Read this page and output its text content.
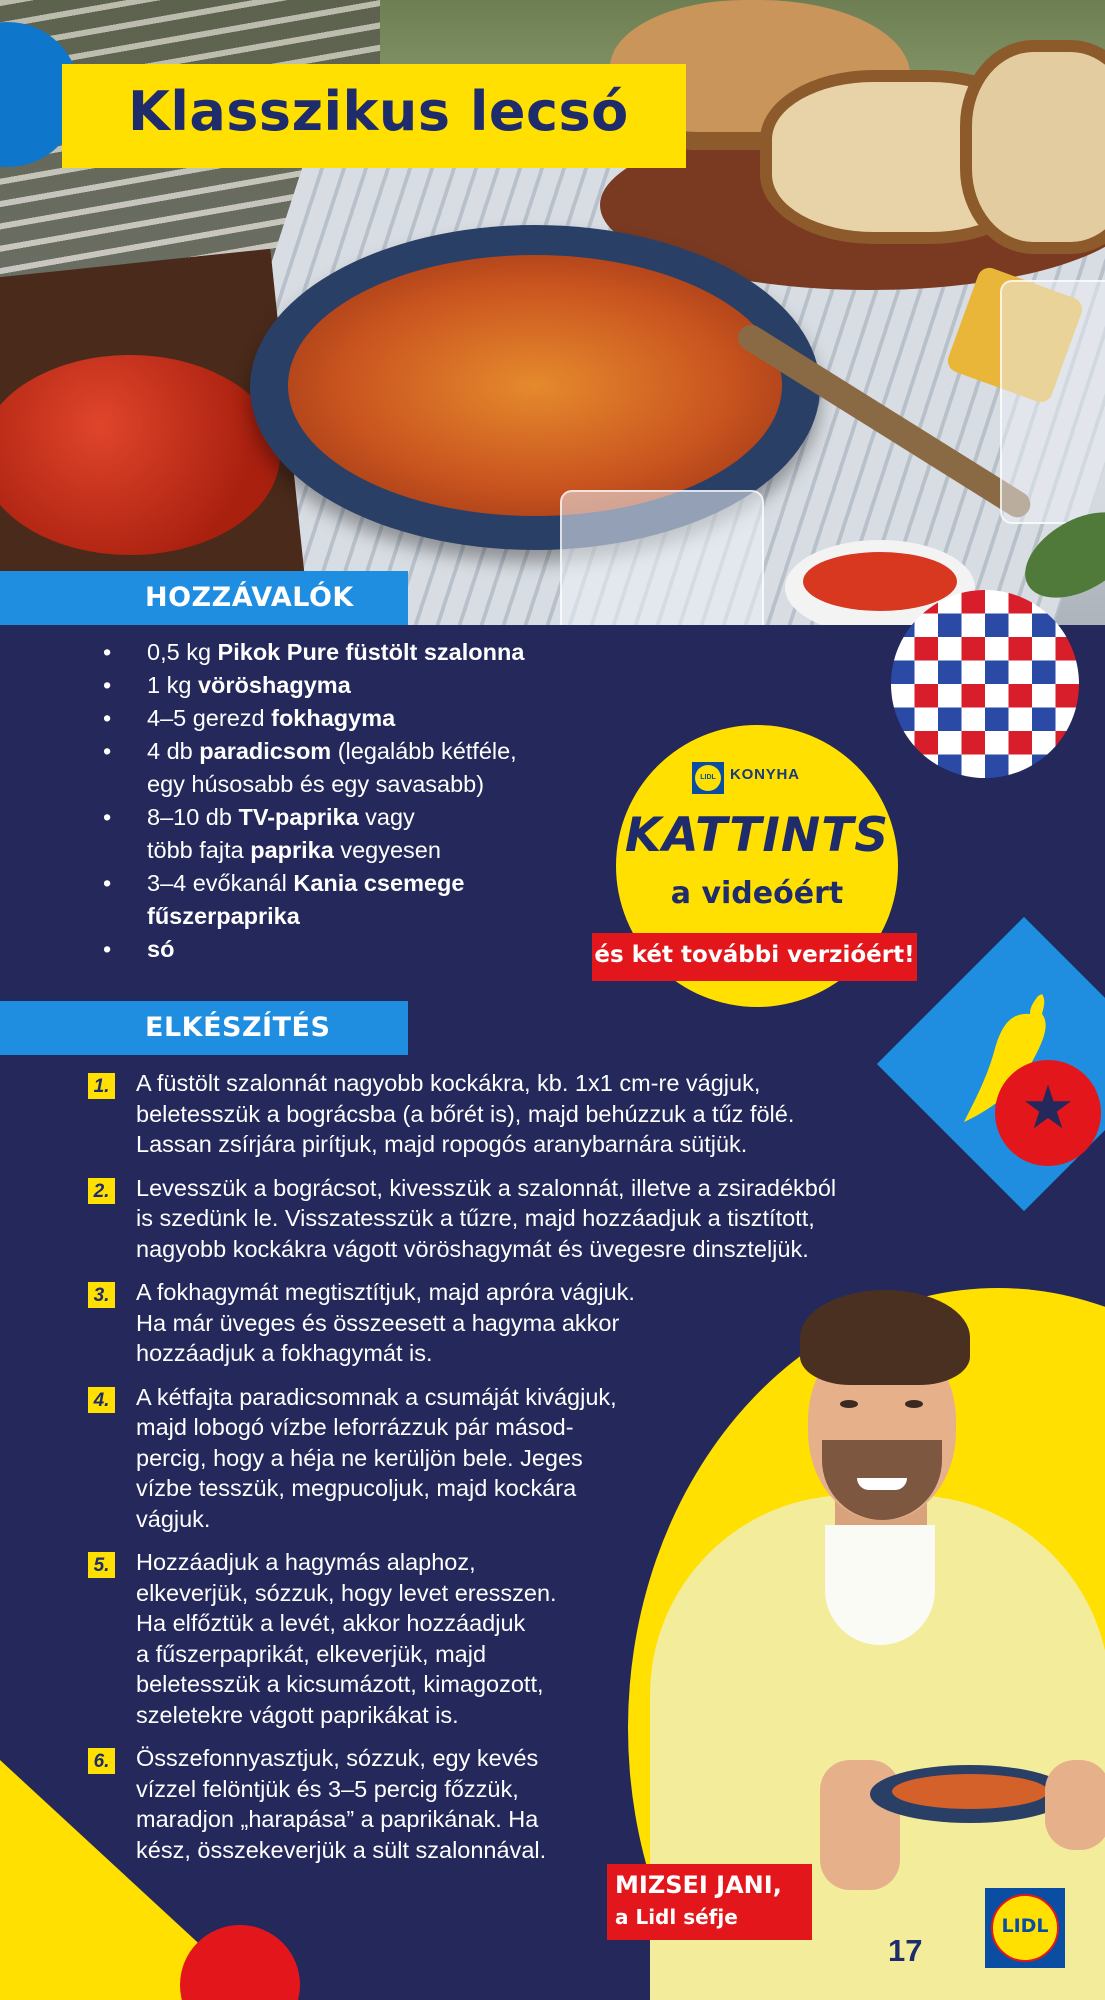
Klasszikus lecsó
HOZZÁVALÓK
• 0,5 kg Pikok Pure füstölt szalonna
• 1 kg vöröshagyma
• 4–5 gerezd fokhagyma
• 4 db paradicsom (legalább kétféle,
egy húsosabb és egy savasabb)
• 8–10 db TV-paprika vagy
több fajta paprika vegyesen
• 3–4 evőkanál Kania csemege
fűszerpaprika
• só
LIDL KONYHA
KATTINTS
a videóért
és két további verzióért!
★
ELKÉSZÍTÉS
1. A füstölt szalonnát nagyobb kockákra, kb. 1x1 cm-re vágjuk,
beletesszük a bográcsba (a bőrét is), majd behúzzuk a tűz fölé.
Lassan zsírjára pirítjuk, majd ropogós aranybarnára sütjük.
2. Levesszük a bográcsot, kivesszük a szalonnát, illetve a zsiradékból
is szedünk le. Visszatesszük a tűzre, majd hozzáadjuk a tisztított,
nagyobb kockákra vágott vöröshagymát és üvegesre dinszteljük.
3. A fokhagymát megtisztítjuk, majd apróra vágjuk.
Ha már üveges és összeesett a hagyma akkor
hozzáadjuk a fokhagymát is.
4. A kétfajta paradicsomnak a csumáját kivágjuk,
majd lobogó vízbe leforrázzuk pár másod-
percig, hogy a héja ne kerüljön bele. Jeges
vízbe tesszük, megpucoljuk, majd kockára
vágjuk.
5. Hozzáadjuk a hagymás alaphoz,
elkeverjük, sózzuk, hogy levet eresszen.
Ha elfőztük a levét, akkor hozzáadjuk
a fűszerpaprikát, elkeverjük, majd
beletesszük a kicsumázott, kimagozott,
szeletekre vágott paprikákat is.
6. Összefonnyasztjuk, sózzuk, egy kevés
vízzel felöntjük és 3–5 percig főzzük,
maradjon „harapása” a paprikának. Ha
kész, összekeverjük a sült szalonnával.
MIZSEI JANI,
a Lidl séfje
17
LIDL
